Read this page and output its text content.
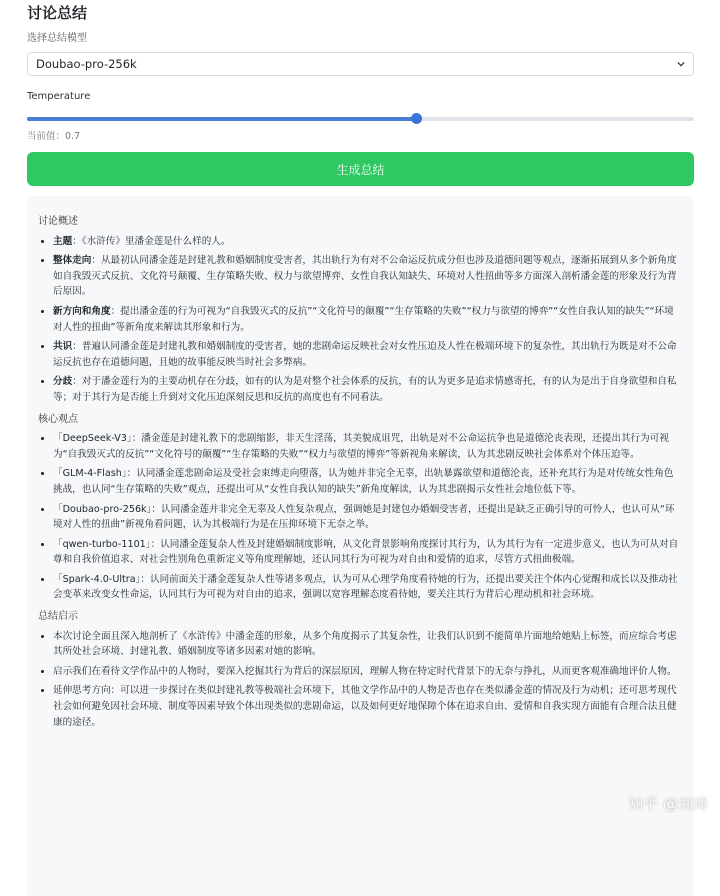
讨论总结
选择总结模型
Doubao-pro-256k
Temperature
当前值：0.7
生成总结
讨论概述
• 主题：《水浒传》里潘金莲是什么样的人。
• 整体走向：从最初认同潘金莲是封建礼教和婚姻制度受害者，其出轨行为有对不公命运反抗成分但也涉及道德问题等观点，逐渐拓展到从多个新角度如自我毁灭式反抗、文化符号颠覆、生存策略失败、权力与欲望博弈、女性自我认知缺失、环境对人性扭曲等多方面深入剖析潘金莲的形象及行为背后原因。
• 新方向和角度：提出潘金莲的行为可视为“自我毁灭式的反抗”“文化符号的颠覆”“生存策略的失败”“权力与欲望的博弈”“女性自我认知的缺失”“环境对人性的扭曲”等新角度来解读其形象和行为。
• 共识：普遍认同潘金莲是封建礼教和婚姻制度的受害者，她的悲剧命运反映社会对女性压迫及人性在极端环境下的复杂性，其出轨行为既是对不公命运反抗也存在道德问题，且她的故事能反映当时社会多弊病。
• 分歧：对于潘金莲行为的主要动机存在分歧，如有的认为是对整个社会体系的反抗，有的认为更多是追求情感寄托，有的认为是出于自身欲望和自私等；对于其行为是否能上升到对文化压迫深刻反思和反抗的高度也有不同看法。
核心观点
• 「DeepSeek-V3」：潘金莲是封建礼教下的悲剧缩影，非天生淫荡，其美貌成诅咒，出轨是对不公命运抗争也是道德沦丧表现，还提出其行为可视为“自我毁灭式的反抗”“文化符号的颠覆”“生存策略的失败”“权力与欲望的博弈”等新视角来解读，认为其悲剧反映社会体系对个体压迫等。
• 「GLM-4-Flash」：认同潘金莲悲剧命运及受社会束缚走向堕落，认为她并非完全无辜，出轨暴露欲望和道德沦丧，还补充其行为是对传统女性角色挑战，也认同“生存策略的失败”观点，还提出可从“女性自我认知的缺失”新角度解读，认为其悲剧揭示女性社会地位低下等。
• 「Doubao-pro-256k」：认同潘金莲并非完全无辜及人性复杂观点，强调她是封建包办婚姻受害者，还提出是缺乏正确引导的可怜人，也认可从“环境对人性的扭曲”新视角看问题，认为其极端行为是在压抑环境下无奈之举。
• 「qwen-turbo-1101」：认同潘金莲复杂人性及封建婚姻制度影响，从文化背景影响角度探讨其行为，认为其行为有一定进步意义，也认为可从对自尊和自我价值追求、对社会性别角色重新定义等角度理解她，还认同其行为可视为对自由和爱情的追求，尽管方式扭曲极端。
• 「Spark-4.0-Ultra」：认同前面关于潘金莲复杂人性等诸多观点，认为可从心理学角度看待她的行为，还提出要关注个体内心觉醒和成长以及推动社会变革来改变女性命运，认同其行为可视为对自由的追求，强调以宽容理解态度看待她，要关注其行为背后心理动机和社会环境。
总结启示
• 本次讨论全面且深入地剖析了《水浒传》中潘金莲的形象，从多个角度揭示了其复杂性，让我们认识到不能简单片面地给她贴上标签，而应综合考虑其所处社会环境、封建礼教、婚姻制度等诸多因素对她的影响。
• 启示我们在看待文学作品中的人物时，要深入挖掘其行为背后的深层原因，理解人物在特定时代背景下的无奈与挣扎，从而更客观准确地评价人物。
• 延伸思考方向：可以进一步探讨在类似封建礼教等极端社会环境下，其他文学作品中的人物是否也存在类似潘金莲的情况及行为动机；还可思考现代社会如何避免因社会环境、制度等因素导致个体出现类似的悲剧命运，以及如何更好地保障个体在追求自由、爱情和自我实现方面能有合理合法且健康的途径。
知乎 @刘琦
